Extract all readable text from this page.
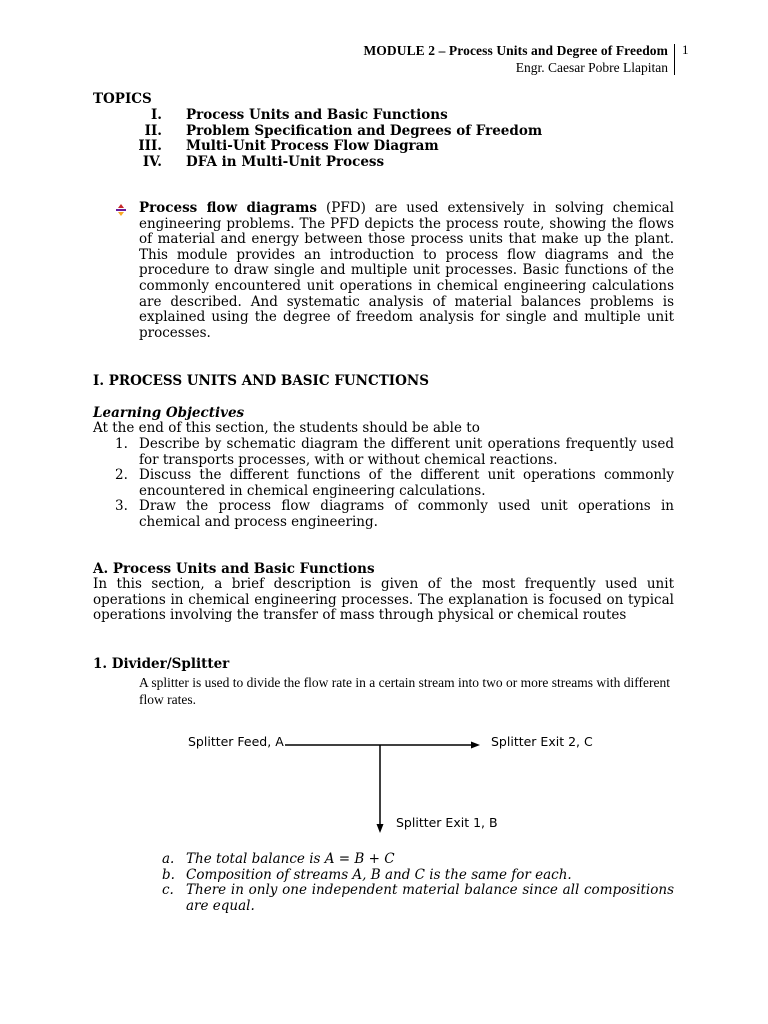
MODULE 2 – Process Units and Degree of Freedom
Engr. Caesar Pobre Llapitan
1
TOPICS
I. Process Units and Basic Functions
II. Problem Specification and Degrees of Freedom
III. Multi-Unit Process Flow Diagram
IV. DFA in Multi-Unit Process
Process flow diagrams (PFD) are used extensively in solving chemical engineering problems. The PFD depicts the process route, showing the flows of material and energy between those process units that make up the plant. This module provides an introduction to process flow diagrams and the procedure to draw single and multiple unit processes. Basic functions of the commonly encountered unit operations in chemical engineering calculations are described. And systematic analysis of material balances problems is explained using the degree of freedom analysis for single and multiple unit processes.
I. PROCESS UNITS AND BASIC FUNCTIONS
Learning Objectives
At the end of this section, the students should be able to
1. Describe by schematic diagram the different unit operations frequently used for transports processes, with or without chemical reactions.
2. Discuss the different functions of the different unit operations commonly encountered in chemical engineering calculations.
3. Draw the process flow diagrams of commonly used unit operations in chemical and process engineering.
A. Process Units and Basic Functions
In this section, a brief description is given of the most frequently used unit operations in chemical engineering processes. The explanation is focused on typical operations involving the transfer of mass through physical or chemical routes
1. Divider/Splitter
A splitter is used to divide the flow rate in a certain stream into two or more streams with different flow rates.
Splitter Feed, A	Splitter Exit 2, C
Splitter Exit 1, B
a. The total balance is A = B + C
b. Composition of streams A, B and C is the same for each.
c. There in only one independent material balance since all compositions are equal.
